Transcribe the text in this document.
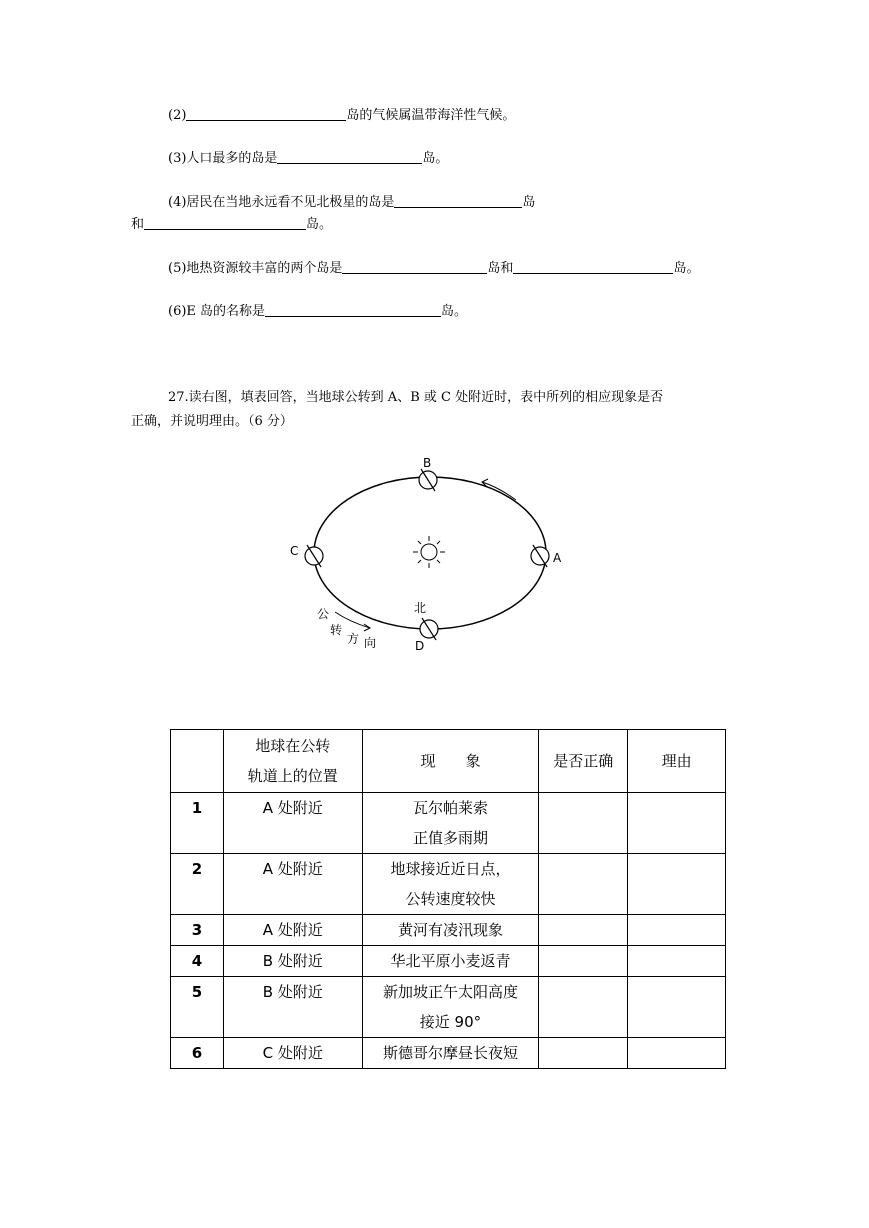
(2)	岛的气候属温带海洋性气候。
(3)人口最多的岛是	岛。
(4)居民在当地永远看不见北极星的岛是	岛
和	岛。
(5)地热资源较丰富的两个岛是	岛和	岛。
(6)E 岛的名称是	岛。
27.读右图，填表回答，当地球公转到 A、B 或 C 处附近时，表中所列的相应现象是否
正确，并说明理由。（6 分）
B
C	A
北
D
公
转
方 向

	地球在公转
轨道上的位置	现　　象	是否正确	理由
1	A 处附近	瓦尔帕莱索
正值多雨期		

2	A 处附近	地球接近近日点，
公转速度较快		

3	A 处附近	黄河有凌汛现象		
4	B 处附近	华北平原小麦返青		
5	B 处附近	新加坡正午太阳高度
接近 90°		

6	C 处附近	斯德哥尔摩昼长夜短		
